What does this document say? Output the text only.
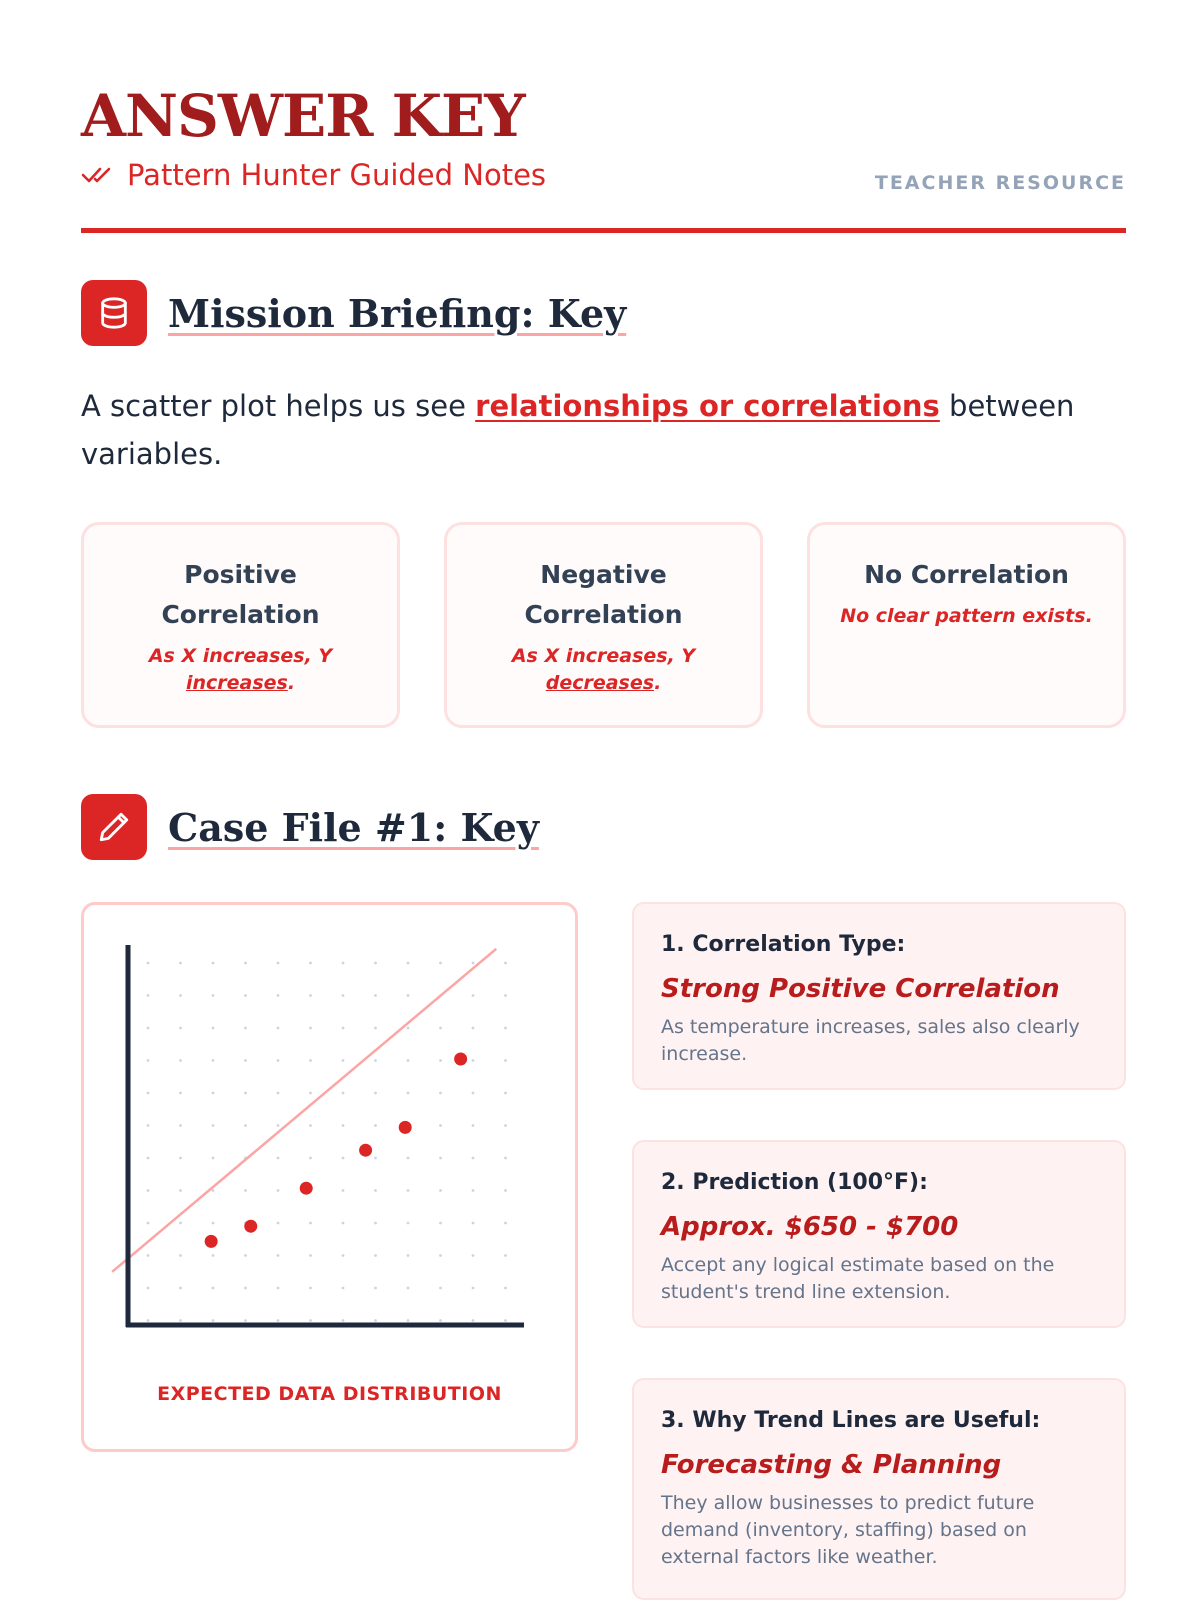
ANSWER KEY
Pattern Hunter Guided Notes	TEACHER RESOURCE
Mission Briefing: Key

A scatter plot helps us see relationships or correlations between variables.

Positive Correlation
As X increases, Y increases.
Negative Correlation
As X increases, Y decreases.
No Correlation
No clear pattern exists.
Case File #1: Key
EXPECTED DATA DISTRIBUTION
1. Correlation Type:
Strong Positive Correlation
As temperature increases, sales also clearly increase.
2. Prediction (100°F):
Approx. $650 - $700
Accept any logical estimate based on the student's trend line extension.
3. Why Trend Lines are Useful:
Forecasting & Planning
They allow businesses to predict future demand (inventory, staffing) based on external factors like weather.
